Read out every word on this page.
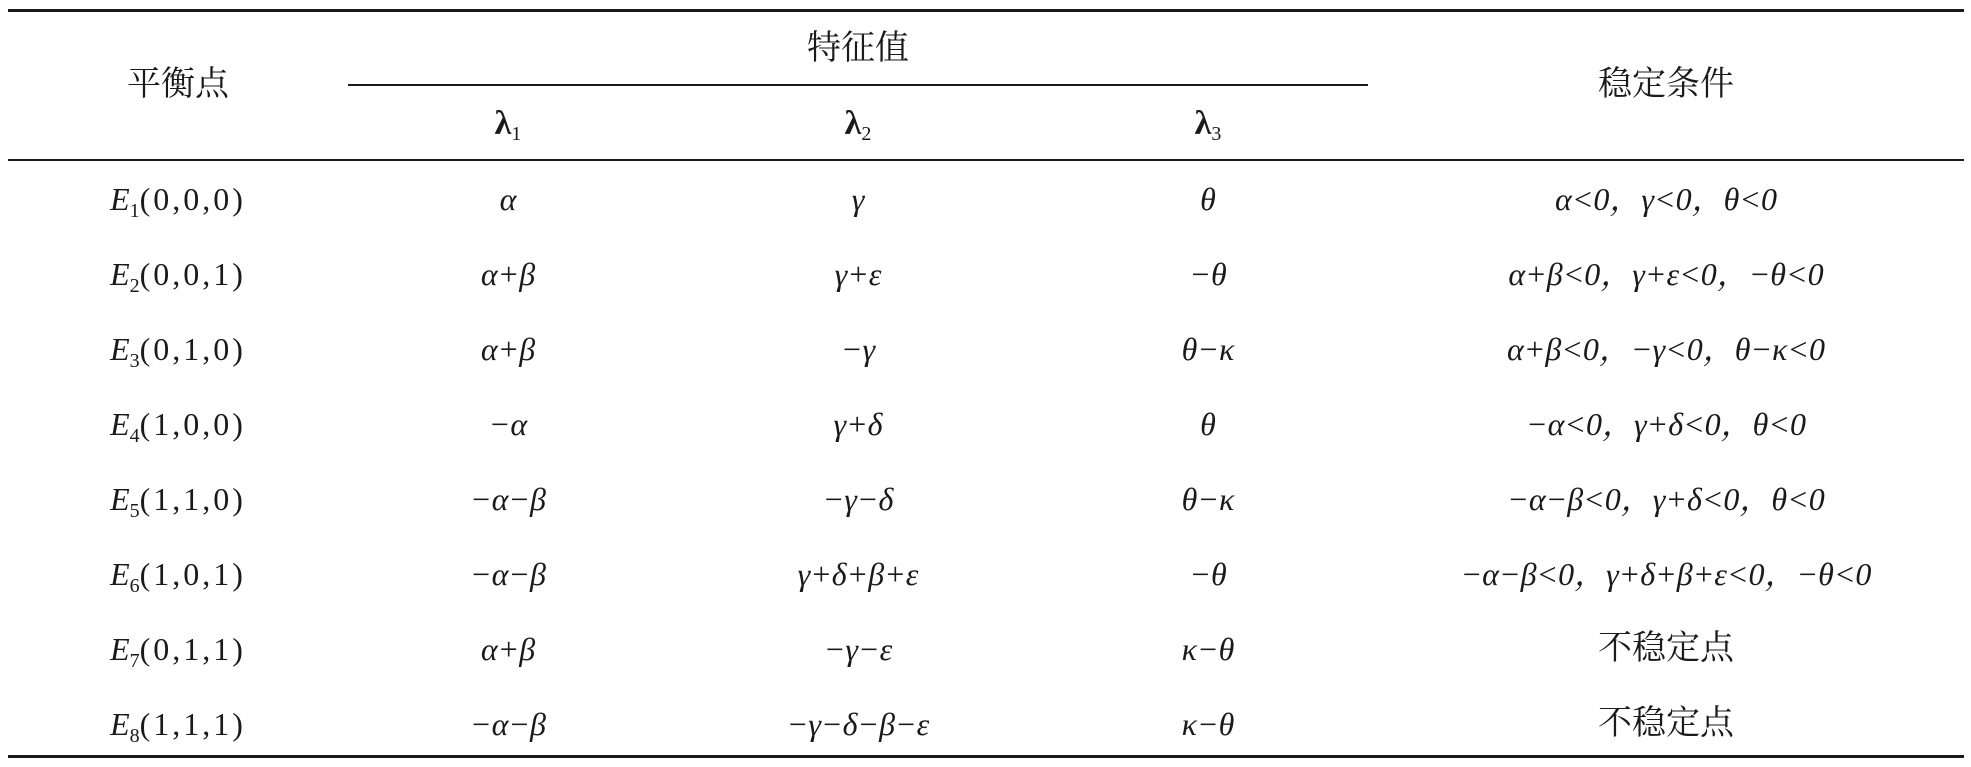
平衡点
特征值
稳定条件
$\lambda_1$	$\lambda_2$	$\lambda_3$
$E_1(0,0,0)$	α	γ	θ	α<0，γ<0，θ<0
$E_2(0,0,1)$	α+β	γ+ε	−θ	α+β<0，γ+ε<0，−θ<0
$E_3(0,1,0)$	α+β	−γ	θ−κ	α+β<0，−γ<0，θ−κ<0
$E_4(1,0,0)$	−α	γ+δ	θ	−α<0，γ+δ<0，θ<0
$E_5(1,1,0)$	−α−β	−γ−δ	θ−κ	−α−β<0，γ+δ<0，θ<0
$E_6(1,0,1)$	−α−β	γ+δ+β+ε	−θ	−α−β<0，γ+δ+β+ε<0，−θ<0
$E_7(0,1,1)$	α+β	−γ−ε	κ−θ	不稳定点
$E_8(1,1,1)$	−α−β	−γ−δ−β−ε	κ−θ	不稳定点
